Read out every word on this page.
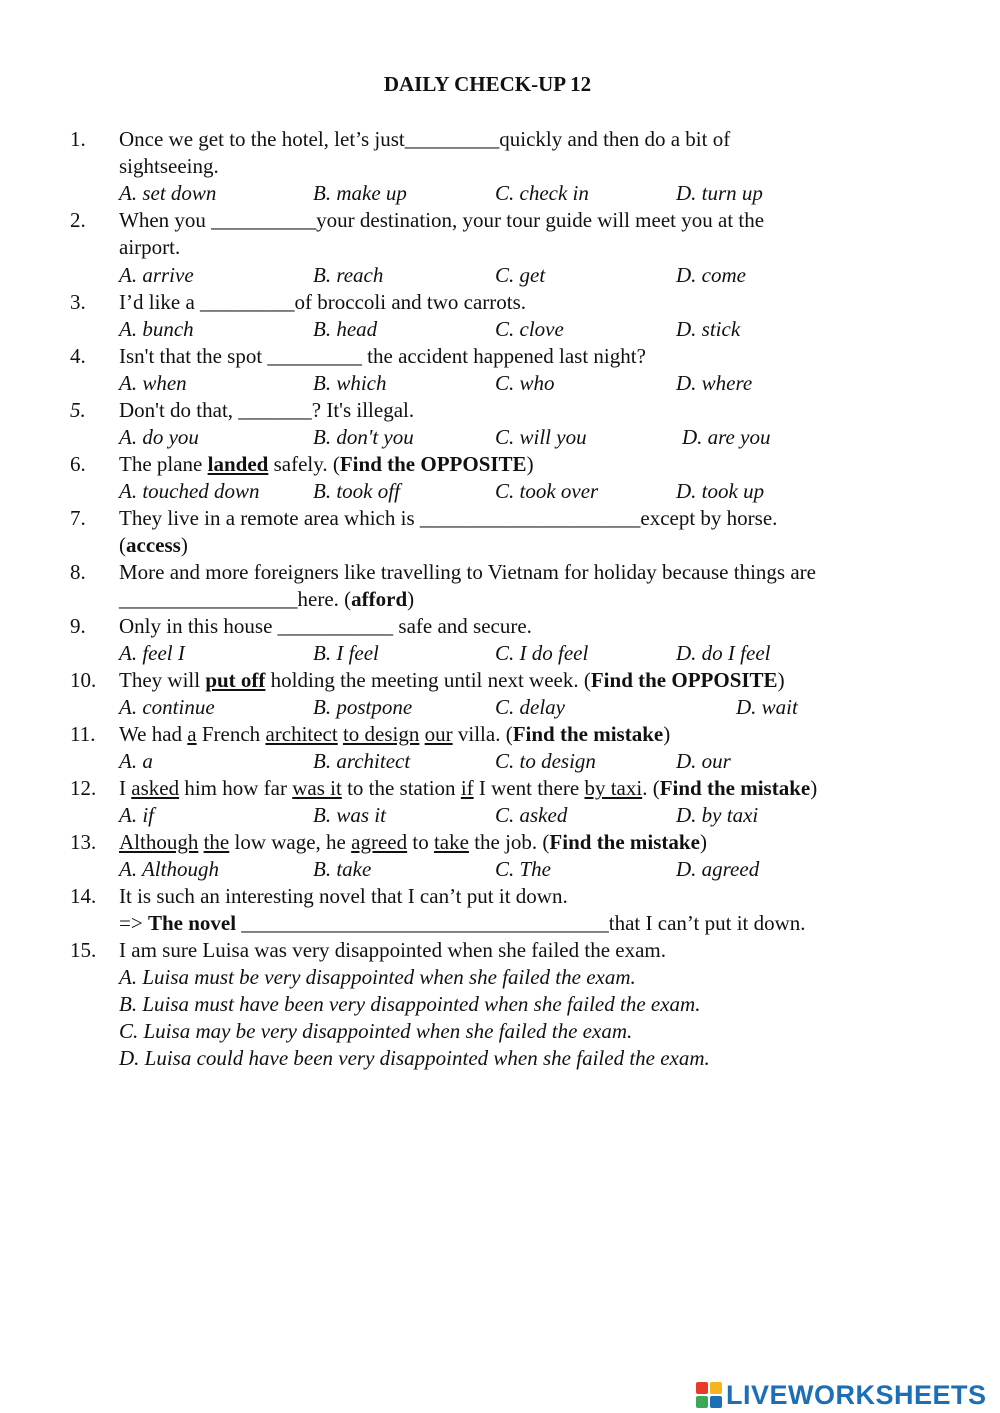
DAILY CHECK-UP 12
1. Once we get to the hotel, let’s just_________quickly and then do a bit of
sightseeing.
A. set down	B. make up	C. check in	D. turn up
2. When you __________your destination, your tour guide will meet you at the
airport.
A. arrive	B. reach	C. get	D. come
3. I’d like a _________of broccoli and two carrots.
A. bunch	B. head	C. clove	D. stick
4. Isn't that the spot _________ the accident happened last night?
A. when	B. which	C. who	D. where
5. Don't do that, _______? It's illegal.
A. do you	B. don't you	C. will you	D. are you
6. The plane landed safely. (Find the OPPOSITE)
A. touched down	B. took off	C. took over	D. took up
7. They live in a remote area which is _____________________except by horse.
(access)
8. More and more foreigners like travelling to Vietnam for holiday because things are
_________________here. (afford)
9. Only in this house ___________ safe and secure.
A. feel I	B. I feel	C. I do feel	D. do I feel
10. They will put off holding the meeting until next week. (Find the OPPOSITE)
A. continue	B. postpone	C. delay	D. wait
11. We had a French architect to design our villa. (Find the mistake)
A. a	B. architect	C. to design	D. our
12. I asked him how far was it to the station if I went there by taxi. (Find the mistake)
A. if	B. was it	C. asked	D. by taxi
13. Although the low wage, he agreed to take the job. (Find the mistake)
A. Although	B. take	C. The	D. agreed
14. It is such an interesting novel that I can’t put it down.
=> The novel ___________________________________that I can’t put it down.
15. I am sure Luisa was very disappointed when she failed the exam.
A. Luisa must be very disappointed when she failed the exam.
B. Luisa must have been very disappointed when she failed the exam.
C. Luisa may be very disappointed when she failed the exam.
D. Luisa could have been very disappointed when she failed the exam.
LIVEWORKSHEETS
